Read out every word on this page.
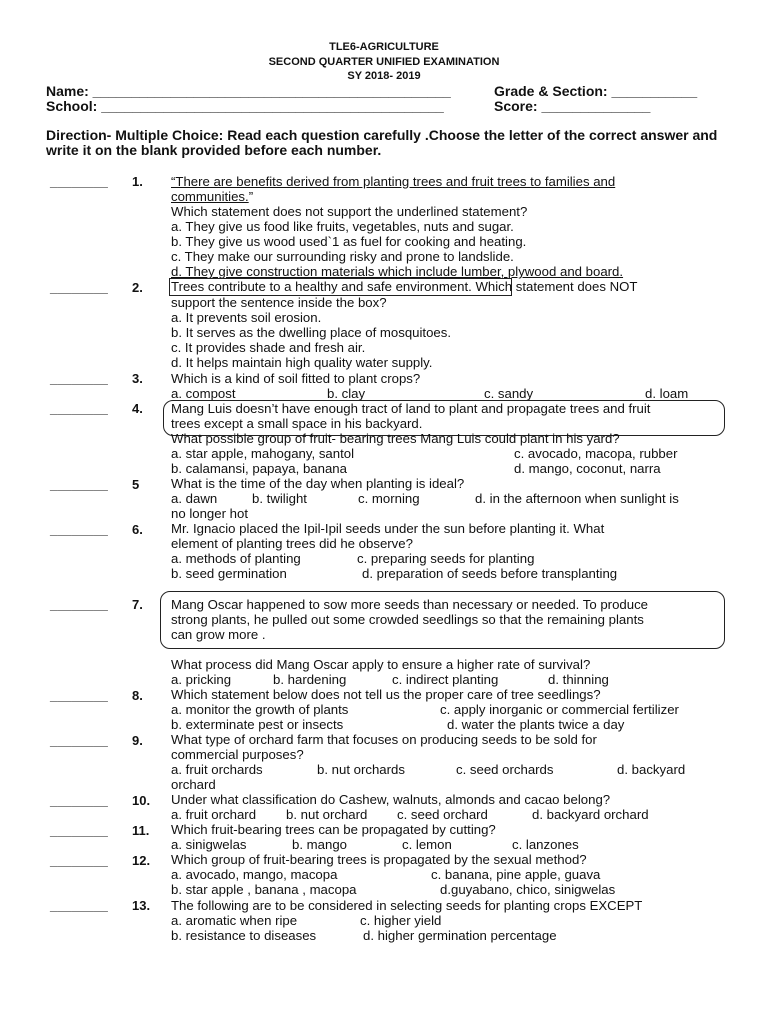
TLE6-AGRICULTURE
SECOND QUARTER UNIFIED EXAMINATION
SY 2018- 2019
Name: ______________________________________________	Grade & Section: ___________
School: ____________________________________________	Score: ______________
Direction- Multiple Choice: Read each question carefully .Choose the letter of the correct answer and write it on the blank provided before each number.
________ 1. “There are benefits derived from planting trees and fruit trees to families and
communities.”
Which statement does not support the underlined statement?
a. They give us food like fruits, vegetables, nuts and sugar.
b. They give us wood used`1 as fuel for cooking and heating.
c. They make our surrounding risky and prone to landslide.
d. They give construction materials which include lumber, plywood and board.
________ 2. Trees contribute to a healthy and safe environment. Which statement does NOT
support the sentence inside the box?
a. It prevents soil erosion.
b. It serves as the dwelling place of mosquitoes.
c. It provides shade and fresh air.
d. It helps maintain high quality water supply.
________ 3. Which is a kind of soil fitted to plant crops?
a. compost	b. clay	c. sandy	d. loam
________ 4. Mang Luis doesn’t have enough tract of land to plant and propagate trees and fruit
trees except a small space in his backyard.
What possible group of fruit- bearing trees Mang Luis could plant in his yard?
a. star apple, mahogany, santol	c. avocado, macopa, rubber
b. calamansi, papaya, banana	d. mango, coconut, narra
________ 5 What is the time of the day when planting is ideal?
a. dawn	b. twilight	c. morning	d. in the afternoon when sunlight is
no longer hot
________ 6. Mr. Ignacio placed the Ipil-Ipil seeds under the sun before planting it. What
element of planting trees did he observe?
a. methods of planting	c. preparing seeds for planting
b. seed germination	d. preparation of seeds before transplanting
________ 7. Mang Oscar happened to sow more seeds than necessary or needed. To produce
strong plants, he pulled out some crowded seedlings so that the remaining plants
can grow more .
What process did Mang Oscar apply to ensure a higher rate of survival?
a. pricking	b. hardening	c. indirect planting	d. thinning
________ 8. Which statement below does not tell us the proper care of tree seedlings?
a. monitor the growth of plants	c. apply inorganic or commercial fertilizer
b. exterminate pest or insects	d. water the plants twice a day
________ 9. What type of orchard farm that focuses on producing seeds to be sold for
commercial purposes?
a. fruit orchards	b. nut orchards	c. seed orchards	d. backyard
orchard
________ 10. Under what classification do Cashew, walnuts, almonds and cacao belong?
a. fruit orchard b. nut orchard c. seed orchard	d. backyard orchard
________ 11. Which fruit-bearing trees can be propagated by cutting?
a. sinigwelas	b. mango	c. lemon	c. lanzones
________ 12. Which group of fruit-bearing trees is propagated by the sexual method?
a. avocado, mango, macopa	c. banana, pine apple, guava
b. star apple , banana , macopa	d.guyabano, chico, sinigwelas
________ 13. The following are to be considered in selecting seeds for planting crops EXCEPT
a. aromatic when ripe	c. higher yield
b. resistance to diseases	d. higher germination percentage
